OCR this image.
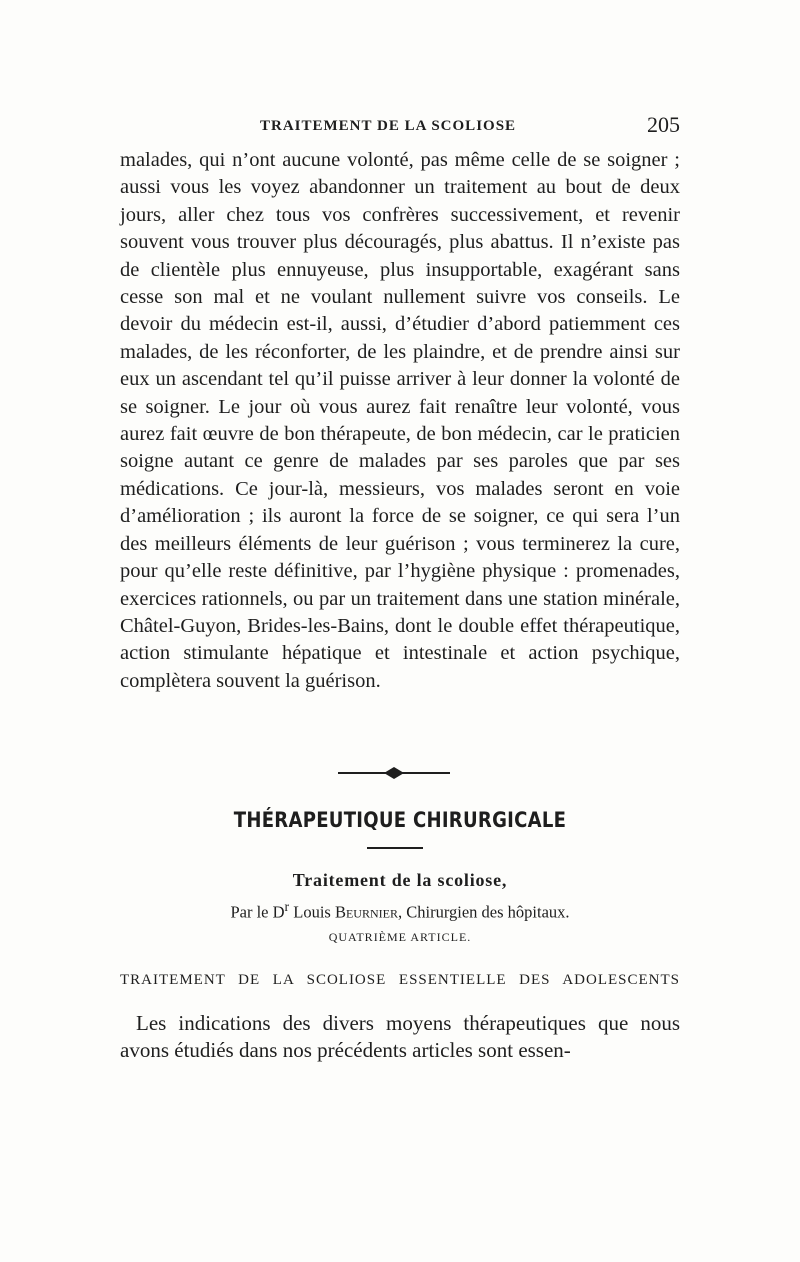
TRAITEMENT DE LA SCOLIOSE	205

malades, qui n’ont aucune volonté, pas même celle de se soigner ; aussi vous les voyez abandonner un traitement au bout de deux jours, aller chez tous vos confrères successivement, et revenir souvent vous trouver plus découragés, plus abattus. Il n’existe pas de clientèle plus ennuyeuse, plus insupportable, exagérant sans cesse son mal et ne voulant nullement suivre vos conseils. Le devoir du médecin est-il, aussi, d’étudier d’abord patiemment ces malades, de les réconforter, de les plaindre, et de prendre ainsi sur eux un ascendant tel qu’il puisse arriver à leur donner la volonté de se soigner. Le jour où vous aurez fait renaître leur volonté, vous aurez fait œuvre de bon thérapeute, de bon médecin, car le praticien soigne autant ce genre de malades par ses paroles que par ses médications. Ce jour-là, messieurs, vos malades seront en voie d’amélioration ; ils auront la force de se soigner, ce qui sera l’un des meilleurs éléments de leur guérison ; vous terminerez la cure, pour qu’elle reste définitive, par l’hygiène physique : promenades, exercices rationnels, ou par un traitement dans une station minérale, Châtel-Guyon, Brides-les-Bains, dont le double effet thérapeutique, action stimulante hépatique et intestinale et action psychique, complètera souvent la guérison.

THÉRAPEUTIQUE CHIRURGICALE
Traitement de la scoliose,
Par le $D^r$ Louis Beurnier, Chirurgien des hôpitaux.
QUATRIÈME ARTICLE.

TRAITEMENT DE LA SCOLIOSE ESSENTIELLE DES ADOLESCENTS

Les indications des divers moyens thérapeutiques que nous avons étudiés dans nos précédents articles sont essen-
